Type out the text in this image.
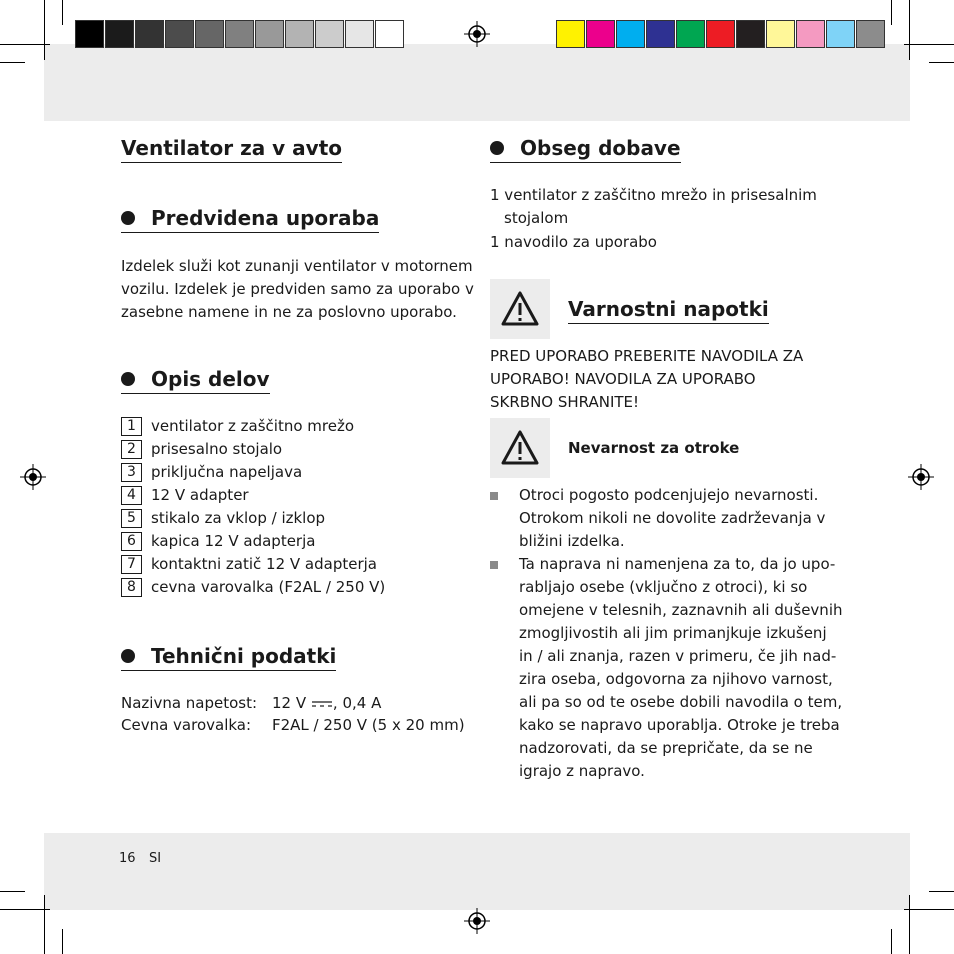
Ventilator za v avto
Predvidena uporaba
Izdelek služi kot zunanji ventilator v motornem
vozilu. Izdelek je predviden samo za uporabo v
zasebne namene in ne za poslovno uporabo.
Opis delov
1	ventilator z zaščitno mrežo
2	prisesalno stojalo
3	priključna napeljava
4	12 V adapter
5	stikalo za vklop / izklop
6	kapica 12 V adapterja
7	kontaktni zatič 12 V adapterja
8	cevna varovalka (F2AL / 250 V)
Tehnični podatki
Nazivna napetost: 12 V , 0,4 A
Cevna varovalka: F2AL / 250 V (5 x 20 mm)
Obseg dobave
1 ventilator z zaščitno mrežo in prisesalnim
stojalom
1 navodilo za uporabo
Varnostni napotki
PRED UPORABO PREBERITE NAVODILA ZA
UPORABO! NAVODILA ZA UPORABO
SKRBNO SHRANITE!
Nevarnost za otroke
Otroci pogosto podcenjujejo nevarnosti.
Otrokom nikoli ne dovolite zadrževanja v
bližini izdelka.
Ta naprava ni namenjena za to, da jo upo-
rabljajo osebe (vključno z otroci), ki so
omejene v telesnih, zaznavnih ali duševnih
zmogljivostih ali jim primanjkuje izkušenj
in / ali znanja, razen v primeru, če jih nad-
zira oseba, odgovorna za njihovo varnost,
ali pa so od te osebe dobili navodila o tem,
kako se napravo uporablja. Otroke je treba
nadzorovati, da se prepričate, da se ne
igrajo z napravo.
16 SI
